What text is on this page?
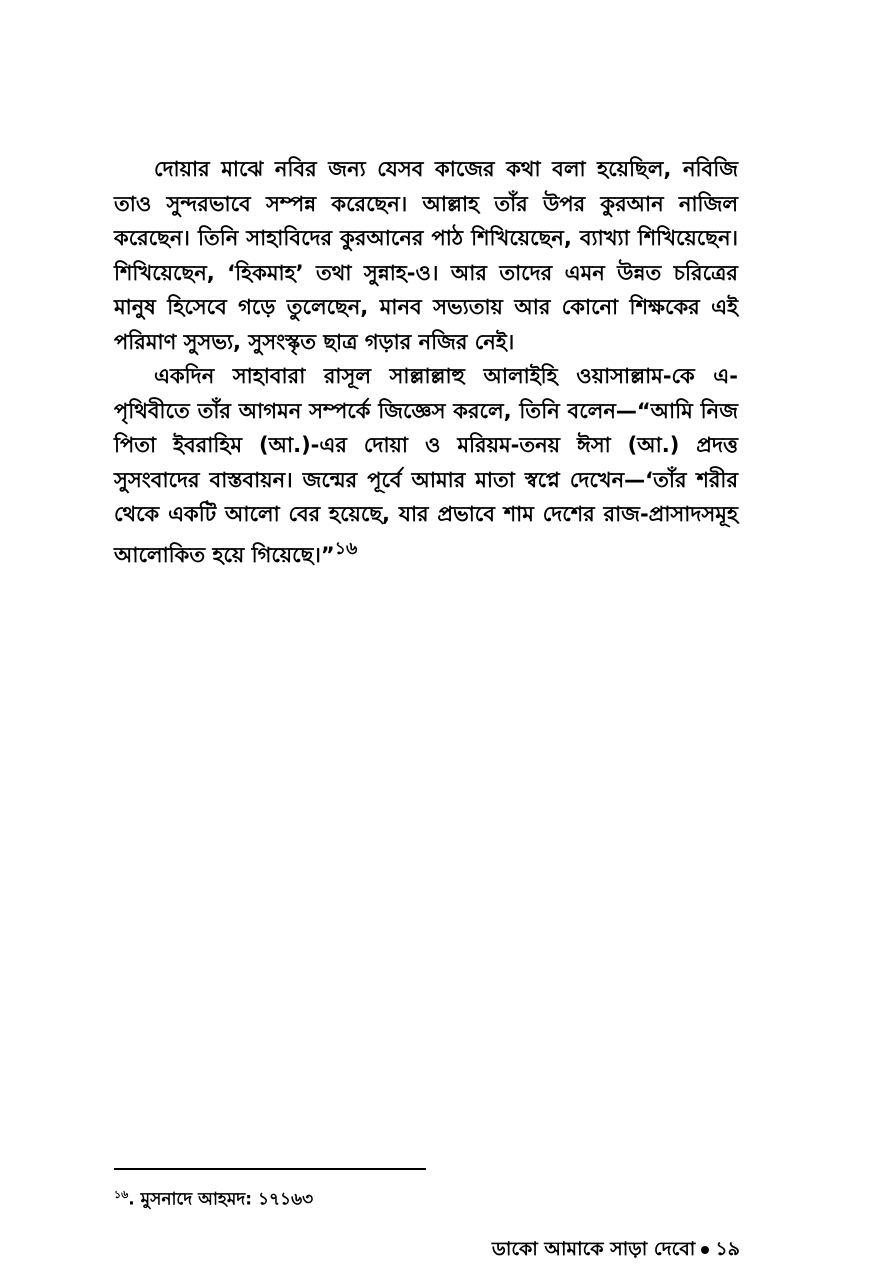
দোয়ার মাঝে নবির জন্য যেসব কাজের কথা বলা হয়েছিল, নবিজি তাও সুন্দরভাবে সম্পন্ন করেছেন। আল্লাহ তাঁর উপর কুরআন নাজিল করেছেন। তিনি সাহাবিদের কুরআনের পাঠ শিখিয়েছেন, ব্যাখ্যা শিখিয়েছেন। শিখিয়েছেন, ‘হিকমাহ’ তথা সুন্নাহ-ও। আর তাদের এমন উন্নত চরিত্রের মানুষ হিসেবে গড়ে তুলেছেন, মানব সভ্যতায় আর কোনো শিক্ষকের এই পরিমাণ সুসভ্য, সুসংস্কৃত ছাত্র গড়ার নজির নেই।

একদিন সাহাবারা রাসূল সাল্লাল্লাহু আলাইহি ওয়াসাল্লাম-কে এ-পৃথিবীতে তাঁর আগমন সম্পর্কে জিজ্ঞেস করলে, তিনি বলেন—“আমি নিজ পিতা ইবরাহিম (আ.)-এর দোয়া ও মরিয়ম-তনয় ঈসা (আ.) প্রদত্ত সুসংবাদের বাস্তবায়ন। জন্মের পূর্বে আমার মাতা স্বপ্নে দেখেন—‘তাঁর শরীর থেকে একটি আলো বের হয়েছে, যার প্রভাবে শাম দেশের রাজ-প্রাসাদসমূহ আলোকিত হয়ে গিয়েছে।”$^{১৬}$

$^{১৬}$. মুসনাদে আহমদ: ১৭১৬৩
ডাকো আমাকে সাড়া দেবো ১৯
